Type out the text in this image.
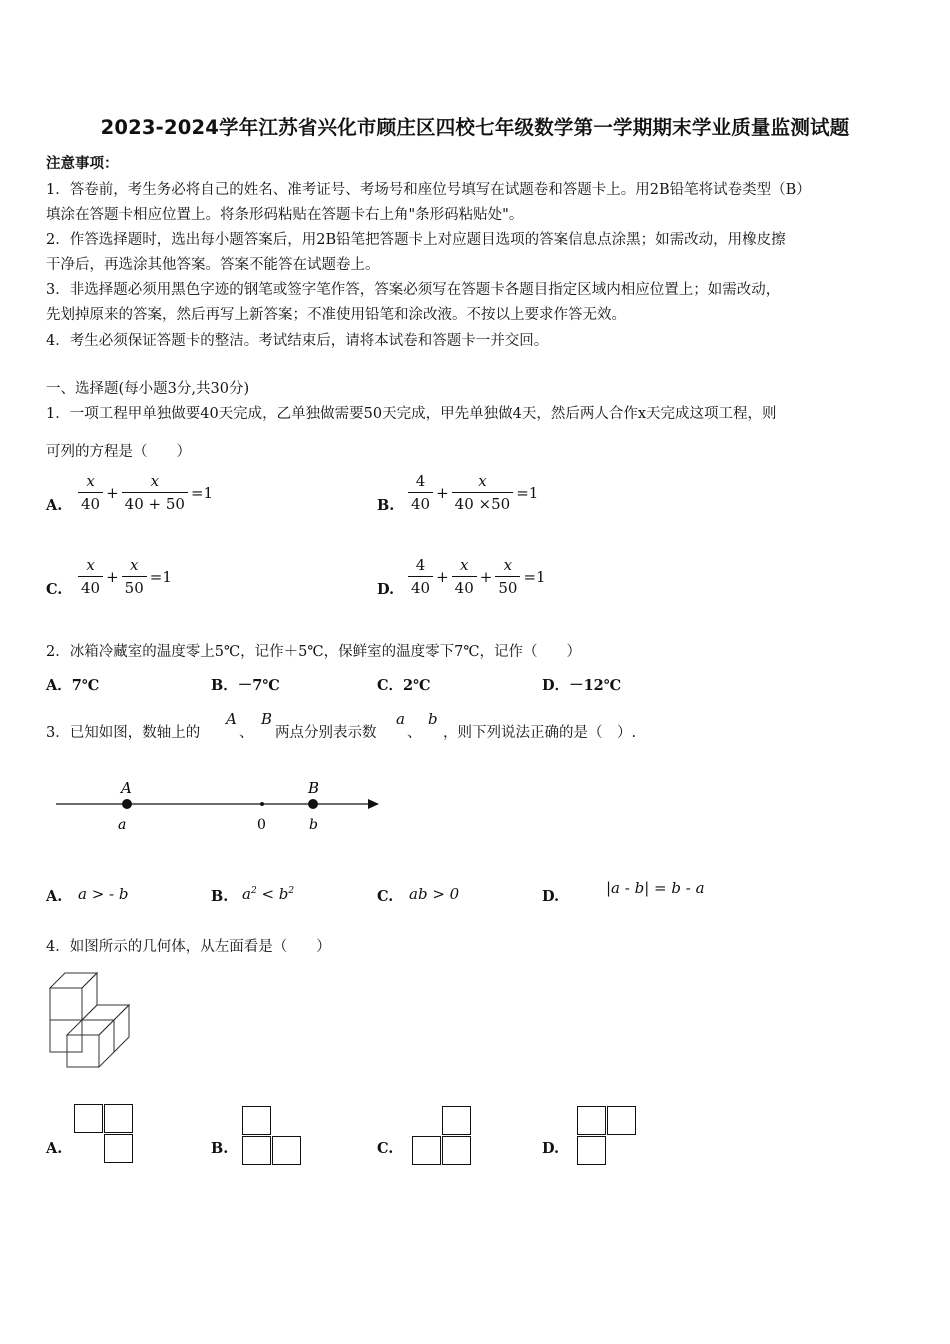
2023-2024学年江苏省兴化市顾庄区四校七年级数学第一学期期末学业质量监测试题
注意事项：
1．答卷前，考生务必将自己的姓名、准考证号、考场号和座位号填写在试题卷和答题卡上。用2B铅笔将试卷类型（B）
填涂在答题卡相应位置上。将条形码粘贴在答题卡右上角"条形码粘贴处"。
2．作答选择题时，选出每小题答案后，用2B铅笔把答题卡上对应题目选项的答案信息点涂黑；如需改动，用橡皮擦
干净后，再选涂其他答案。答案不能答在试题卷上。
3．非选择题必须用黑色字迹的钢笔或签字笔作答，答案必须写在答题卡各题目指定区域内相应位置上；如需改动，
先划掉原来的答案，然后再写上新答案；不准使用铅笔和涂改液。不按以上要求作答无效。
4．考生必须保证答题卡的整洁。考试结束后，请将本试卷和答题卡一并交回。
一、选择题(每小题3分,共30分)
1．一项工程甲单独做要40天完成，乙单独做需要50天完成，甲先单独做4天，然后两人合作x天完成这项工程，则
可列的方程是（　　）
A. $\frac{x}{40} + \frac{x}{40 + 50} =1$
B. $\frac{4}{40} + \frac{x}{40 \times 50} =1$
C. $\frac{x}{40} + \frac{x}{50} =1$
D. $\frac{4}{40} + \frac{x}{40} + \frac{x}{50} =1$
2．冰箱冷藏室的温度零上5℃，记作＋5℃，保鲜室的温度零下7℃，记作（　　）
A．7℃	B．－7℃	C．2℃	D．－12℃
3．已知如图，数轴上的
A
、
B
两点分别表示数
a
、
b
，则下列说法正确的是（　）.
A	B
a	0	b
A. a > - b	B. $a^2 < b^2$	C. ab > 0	D.	|a - b| = b - a
4．如图所示的几何体，从左面看是（　　）
A.	B.	C.	D.
